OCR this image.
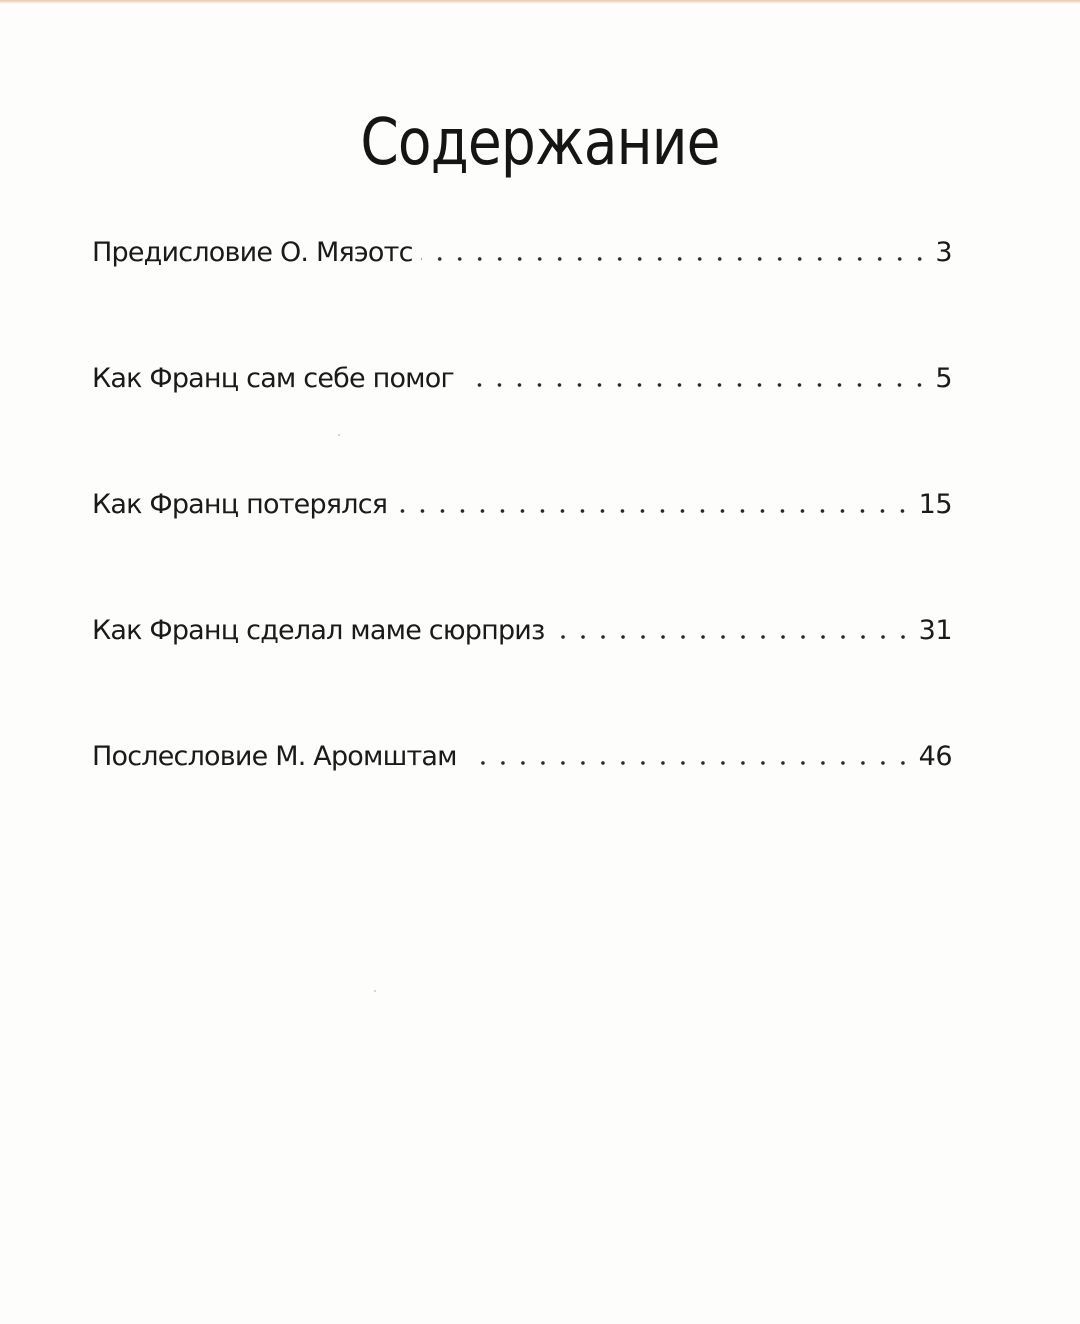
Содержание
Предисловие О. Мяэотс	3
Как Франц сам себе помог	5
Как Франц потерялся	15
Как Франц сделал маме сюрприз	31
Послесловие М. Аромштам	46
